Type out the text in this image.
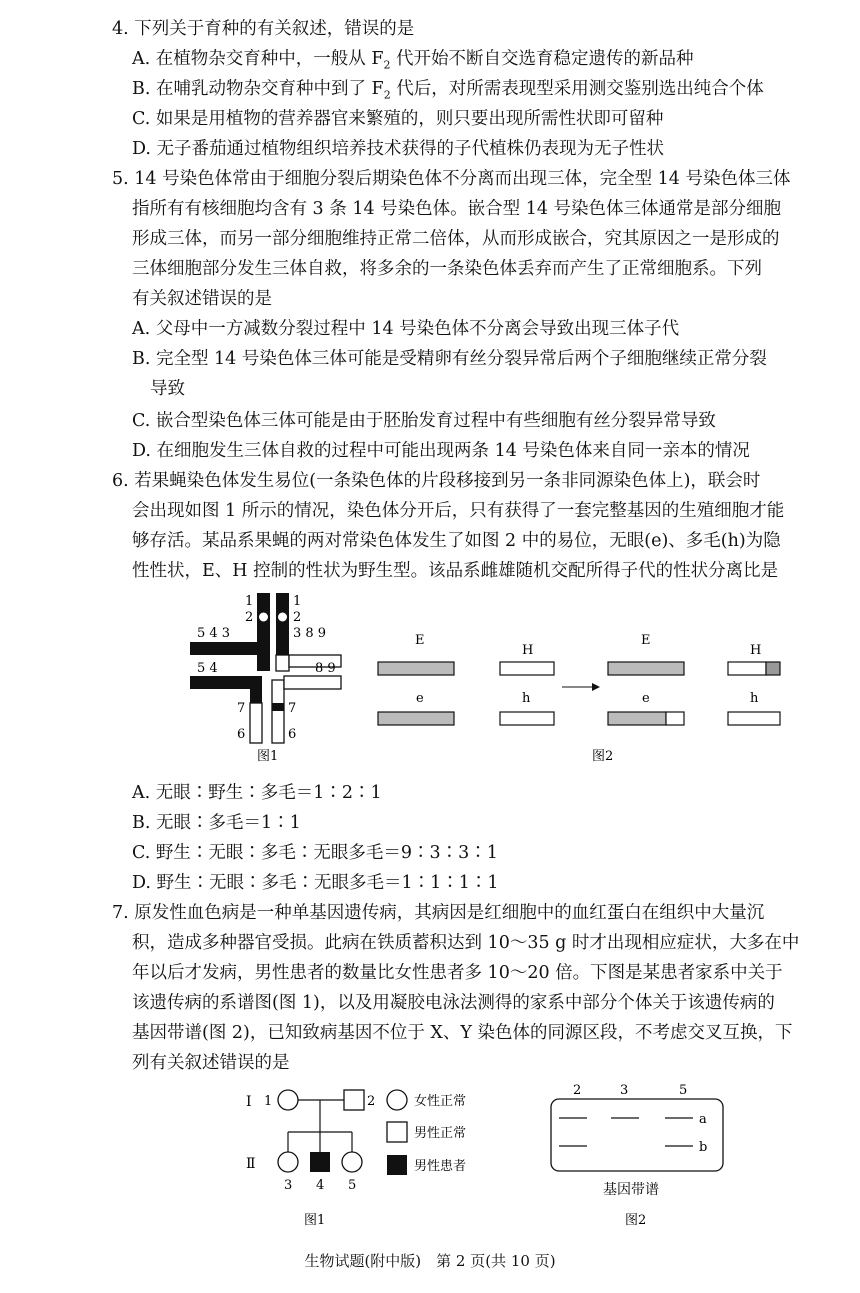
4. 下列关于育种的有关叙述，错误的是
A. 在植物杂交育种中，一般从 $F_2$ 代开始不断自交选育稳定遗传的新品种
B. 在哺乳动物杂交育种中到了 $F_2$ 代后，对所需表现型采用测交鉴别选出纯合个体
C. 如果是用植物的营养器官来繁殖的，则只要出现所需性状即可留种
D. 无子番茄通过植物组织培养技术获得的子代植株仍表现为无子性状
5. 14 号染色体常由于细胞分裂后期染色体不分离而出现三体，完全型 14 号染色体三体
指所有有核细胞均含有 3 条 14 号染色体。嵌合型 14 号染色体三体通常是部分细胞
形成三体，而另一部分细胞维持正常二倍体，从而形成嵌合，究其原因之一是形成的
三体细胞部分发生三体自救，将多余的一条染色体丢弃而产生了正常细胞系。下列
有关叙述错误的是
A. 父母中一方减数分裂过程中 14 号染色体不分离会导致出现三体子代
B. 完全型 14 号染色体三体可能是受精卵有丝分裂异常后两个子细胞继续正常分裂
导致
C. 嵌合型染色体三体可能是由于胚胎发育过程中有些细胞有丝分裂异常导致
D. 在细胞发生三体自救的过程中可能出现两条 14 号染色体来自同一亲本的情况
6. 若果蝇染色体发生易位(一条染色体的片段移接到另一条非同源染色体上)，联会时
会出现如图 1 所示的情况，染色体分开后，只有获得了一套完整基因的生殖细胞才能
够存活。某品系果蝇的两对常染色体发生了如图 2 中的易位，无眼(e)、多毛(h)为隐
性性状，E、H 控制的性状为野生型。该品系雌雄随机交配所得子代的性状分离比是
1
2
1
2
5 4 3	3 8 9
5 4	8 9
7	7
6	6
图1
E
H
E
H
e	h	e	h
图2
A. 无眼∶野生∶多毛＝1∶2∶1
B. 无眼∶多毛＝1∶1
C. 野生∶无眼∶多毛∶无眼多毛＝9∶3∶3∶1
D. 野生∶无眼∶多毛∶无眼多毛＝1∶1∶1∶1
7. 原发性血色病是一种单基因遗传病，其病因是红细胞中的血红蛋白在组织中大量沉
积，造成多种器官受损。此病在铁质蓄积达到 10～35 g 时才出现相应症状，大多在中
年以后才发病，男性患者的数量比女性患者多 10～20 倍。下图是某患者家系中关于
该遗传病的系谱图(图 1)，以及用凝胶电泳法测得的家系中部分个体关于该遗传病的
基因带谱(图 2)，已知致病基因不位于 X、Y 染色体的同源区段，不考虑交叉互换，下
列有关叙述错误的是
Ⅰ 1	2
Ⅱ
3 4 5
女性正常
男性正常
男性患者
图1
2	3	5
a
b
基因带谱
图2
生物试题(附中版)　第 2 页(共 10 页)
